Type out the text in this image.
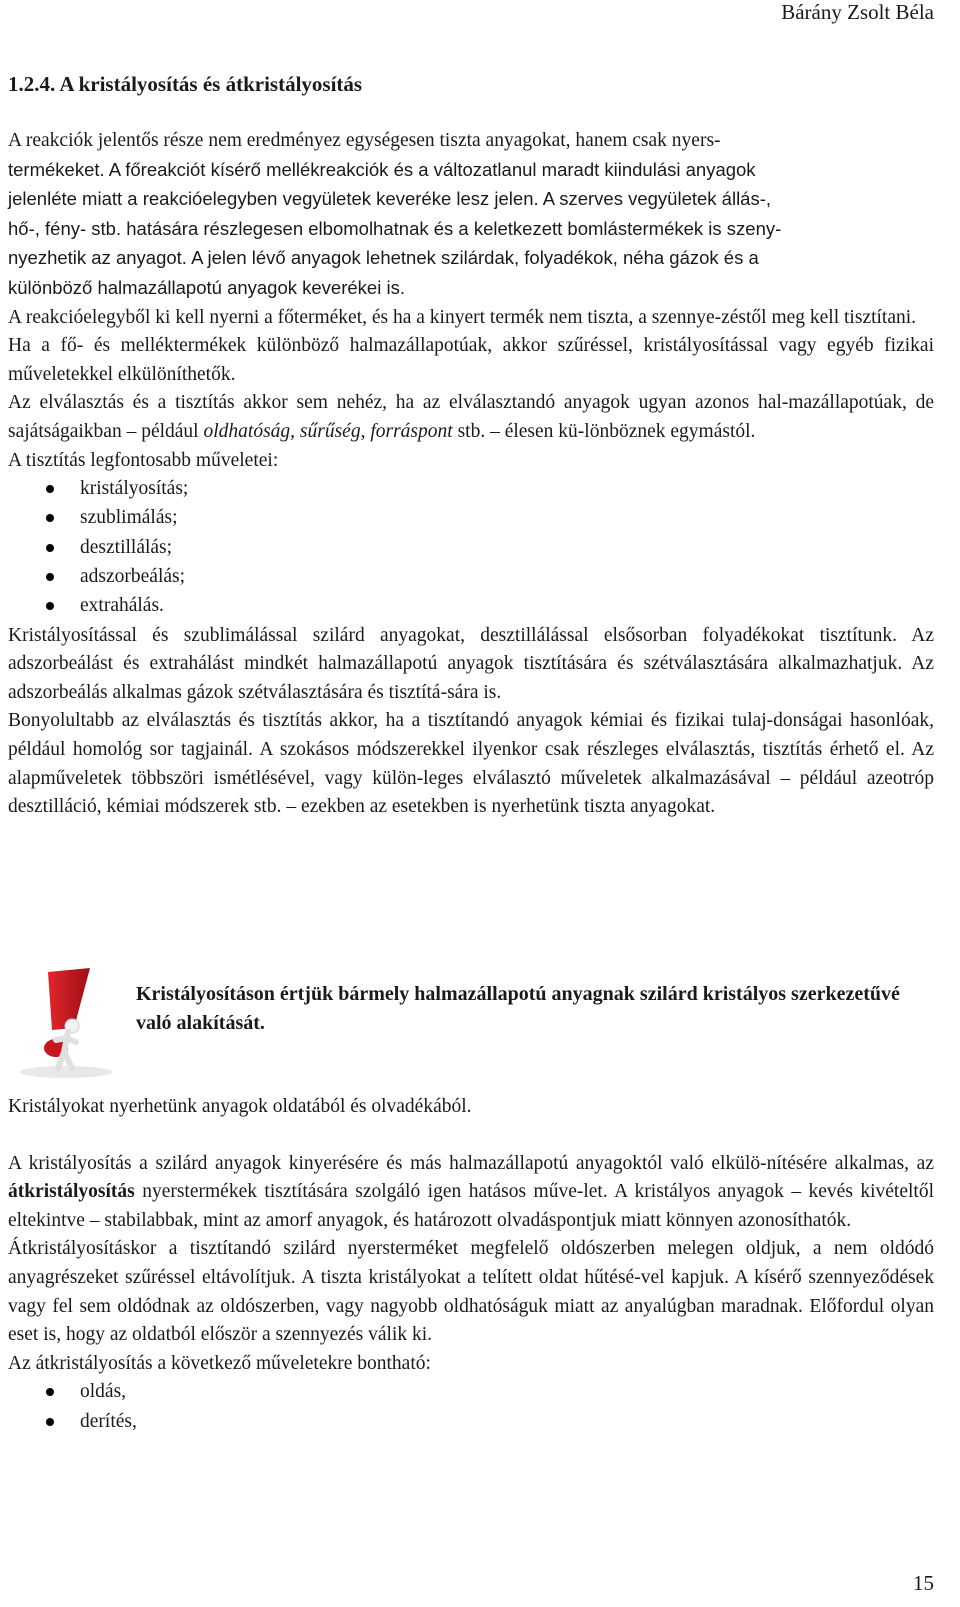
Bárány Zsolt Béla
1.2.4. A kristályosítás és átkristályosítás

A reakciók jelentős része nem eredményez egységesen tiszta anyagokat, hanem csak nyers-
termékeket. A főreakciót kísérő mellékreakciók és a változatlanul maradt kiindulási anyagok
jelenléte miatt a reakcióelegyben vegyületek keveréke lesz jelen. A szerves vegyületek állás-,
hő-, fény- stb. hatására részlegesen elbomolhatnak és a keletkezett bomlástermékek is szeny-
nyezhetik az anyagot. A jelen lévő anyagok lehetnek szilárdak, folyadékok, néha gázok és a
különböző halmazállapotú anyagok keverékei is.

A reakcióelegyből ki kell nyerni a főterméket, és ha a kinyert termék nem tiszta, a szennye-zéstől meg kell tisztítani.

Ha a fő- és melléktermékek különböző halmazállapotúak, akkor szűréssel, kristályosítással vagy egyéb fizikai műveletekkel elkülöníthetők.

Az elválasztás és a tisztítás akkor sem nehéz, ha az elválasztandó anyagok ugyan azonos hal-mazállapotúak, de sajátságaikban – például oldhatóság, sűrűség, forráspont stb. – élesen kü-lönböznek egymástól.

A tisztítás legfontosabb műveletei:

kristályosítás;
szublimálás;
desztillálás;
adszorbeálás;
extrahálás.

Kristályosítással és szublimálással szilárd anyagokat, desztillálással elsősorban folyadékokat tisztítunk. Az adszorbeálást és extrahálást mindkét halmazállapotú anyagok tisztítására és szétválasztására alkalmazhatjuk. Az adszorbeálás alkalmas gázok szétválasztására és tisztítá-sára is.

Bonyolultabb az elválasztás és tisztítás akkor, ha a tisztítandó anyagok kémiai és fizikai tulaj-donságai hasonlóak, például homológ sor tagjainál. A szokásos módszerekkel ilyenkor csak részleges elválasztás, tisztítás érhető el. Az alapműveletek többszöri ismétlésével, vagy külön-leges elválasztó műveletek alkalmazásával – például azeotróp desztilláció, kémiai módszerek stb. – ezekben az esetekben is nyerhetünk tiszta anyagokat.

Kristályosításon értjük bármely halmazállapotú anyagnak szilárd kristályos szerkezetűvé való alakítását.

Kristályokat nyerhetünk anyagok oldatából és olvadékából.

A kristályosítás a szilárd anyagok kinyerésére és más halmazállapotú anyagoktól való elkülö-nítésére alkalmas, az átkristályosítás nyerstermékek tisztítására szolgáló igen hatásos műve-let. A kristályos anyagok – kevés kivételtől eltekintve – stabilabbak, mint az amorf anyagok, és határozott olvadáspontjuk miatt könnyen azonosíthatók.

Átkristályosításkor a tisztítandó szilárd nyersterméket megfelelő oldószerben melegen oldjuk, a nem oldódó anyagrészeket szűréssel eltávolítjuk. A tiszta kristályokat a telített oldat hűtésé-vel kapjuk. A kísérő szennyeződések vagy fel sem oldódnak az oldószerben, vagy nagyobb oldhatóságuk miatt az anyalúgban maradnak. Előfordul olyan eset is, hogy az oldatból először a szennyezés válik ki.

Az átkristályosítás a következő műveletekre bontható:

oldás,
derítés,
15
